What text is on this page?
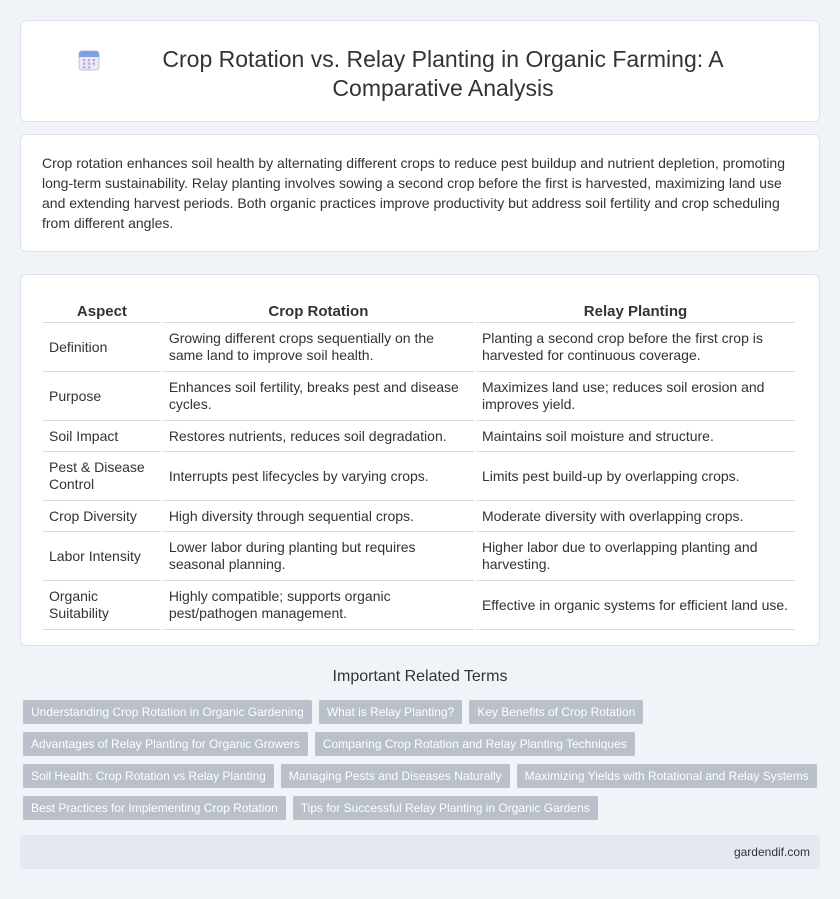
Crop Rotation vs. Relay Planting in Organic Farming: A Comparative Analysis

Crop rotation enhances soil health by alternating different crops to reduce pest buildup and nutrient depletion, promoting long-term sustainability. Relay planting involves sowing a second crop before the first is harvested, maximizing land use and extending harvest periods. Both organic practices improve productivity but address soil fertility and crop scheduling from different angles.

Aspect	Crop Rotation	Relay Planting
Definition	Growing different crops sequentially on the same land to improve soil health.	Planting a second crop before the first crop is harvested for continuous coverage.
Purpose	Enhances soil fertility, breaks pest and disease cycles.	Maximizes land use; reduces soil erosion and improves yield.
Soil Impact	Restores nutrients, reduces soil degradation.	Maintains soil moisture and structure.
Pest & Disease Control	Interrupts pest lifecycles by varying crops.	Limits pest build-up by overlapping crops.
Crop Diversity	High diversity through sequential crops.	Moderate diversity with overlapping crops.
Labor Intensity	Lower labor during planting but requires seasonal planning.	Higher labor due to overlapping planting and harvesting.
Organic Suitability	Highly compatible; supports organic pest/pathogen management.	Effective in organic systems for efficient land use.
Important Related Terms
Understanding Crop Rotation in Organic Gardening	What is Relay Planting?	Key Benefits of Crop Rotation
Advantages of Relay Planting for Organic Growers	Comparing Crop Rotation and Relay Planting Techniques
Soil Health: Crop Rotation vs Relay Planting	Managing Pests and Diseases Naturally	Maximizing Yields with Rotational and Relay Systems
Best Practices for Implementing Crop Rotation	Tips for Successful Relay Planting in Organic Gardens
gardendif.com
